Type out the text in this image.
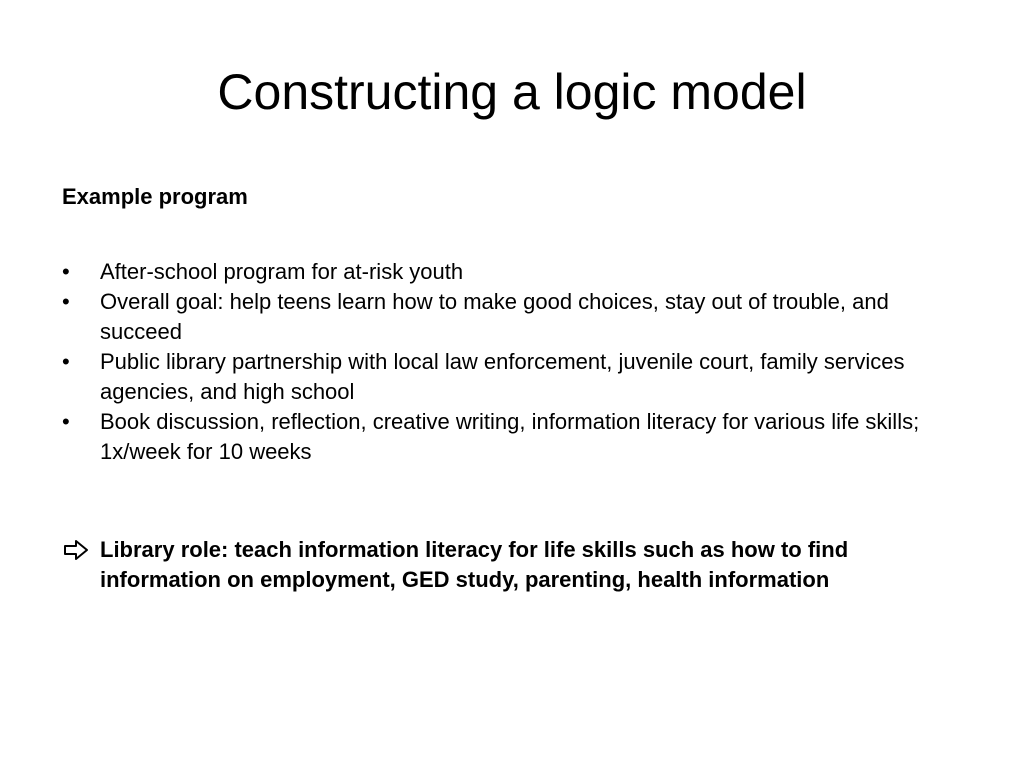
Constructing a logic model

Example program

•	After-school program for at-risk youth
•	Overall goal: help teens learn how to make good choices, stay out of trouble, and succeed
•	Public library partnership with local law enforcement, juvenile court, family services agencies, and high school
•	Book discussion, reflection, creative writing, information literacy for various life skills; 1x/week for 10 weeks
Library role: teach information literacy for life skills such as how to find information on employment, GED study, parenting, health information
